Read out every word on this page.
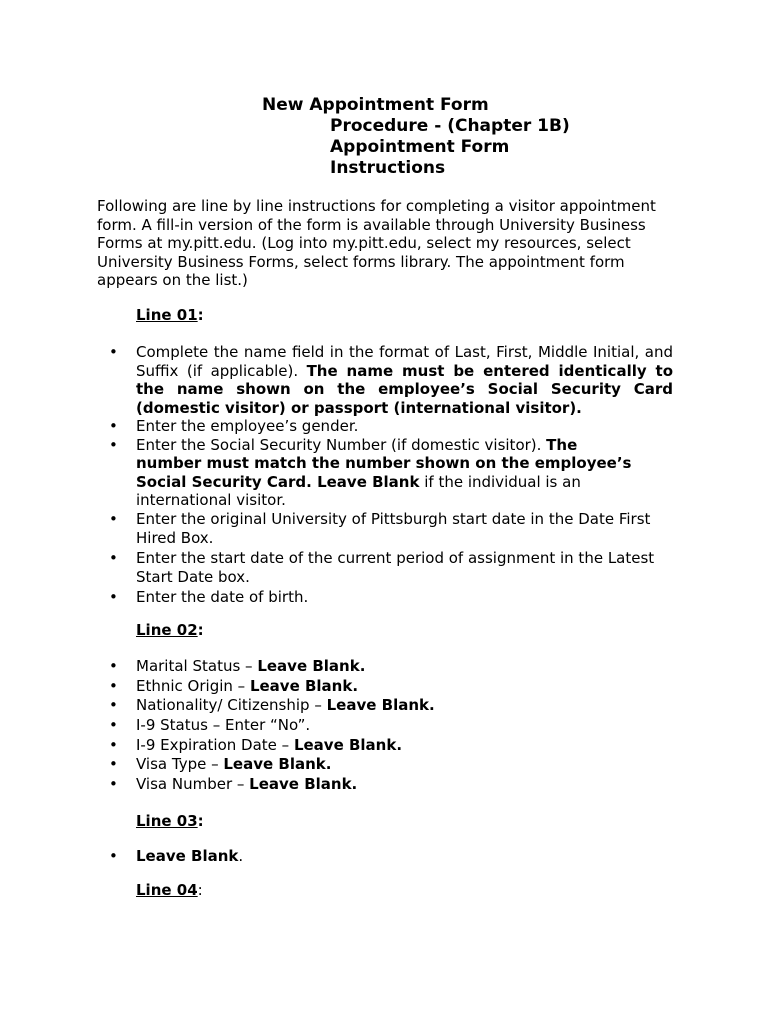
New Appointment Form
Procedure - (Chapter 1B)
Appointment Form
Instructions
Following are line by line instructions for completing a visitor appointment form. A fill-in version of the form is available through University Business Forms at my.pitt.edu. (Log into my.pitt.edu, select my resources, select University Business Forms, select forms library. The appointment form appears on the list.)
Line 01:
• Complete the name field in the format of Last, First, Middle Initial, and Suffix (if applicable). The name must be entered identically to the name shown on the employee’s Social Security Card (domestic visitor) or passport (international visitor).
• Enter the employee’s gender.
• Enter the Social Security Number (if domestic visitor). The number must match the number shown on the employee’s Social Security Card. Leave Blank if the individual is an international visitor.
• Enter the original University of Pittsburgh start date in the Date First Hired Box.
• Enter the start date of the current period of assignment in the Latest Start Date box.
• Enter the date of birth.
Line 02:
• Marital Status – Leave Blank.
• Ethnic Origin – Leave Blank.
• Nationality/ Citizenship – Leave Blank.
• I-9 Status – Enter “No”.
• I-9 Expiration Date – Leave Blank.
• Visa Type – Leave Blank.
• Visa Number – Leave Blank.
Line 03:
• Leave Blank.
Line 04:
